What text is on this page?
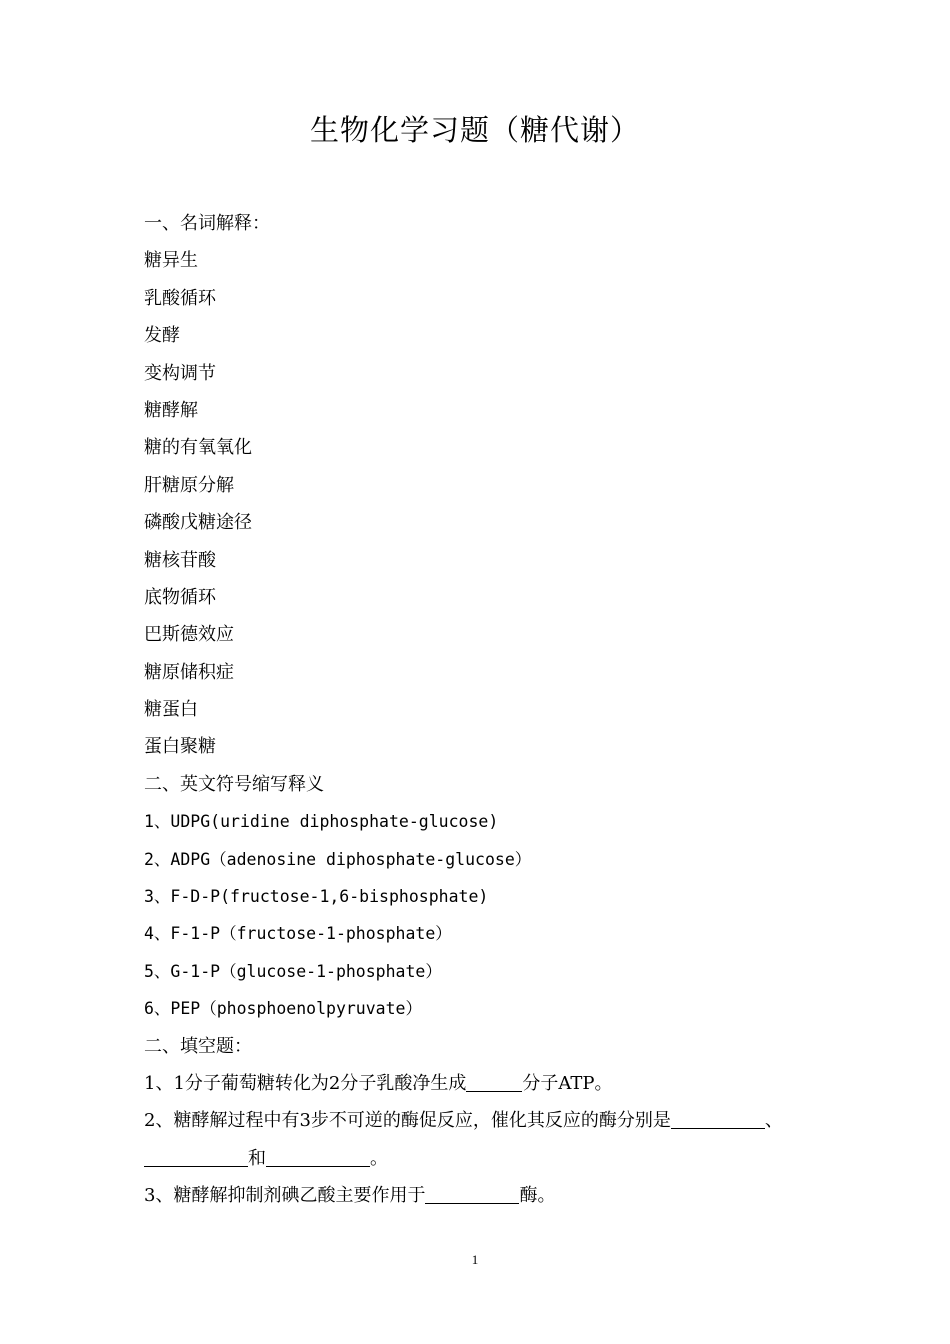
生物化学习题（糖代谢）
一、名词解释：
糖异生
乳酸循环
发酵
变构调节
糖酵解
糖的有氧氧化
肝糖原分解
磷酸戊糖途径
糖核苷酸
底物循环
巴斯德效应
糖原储积症
糖蛋白
蛋白聚糖
二、英文符号缩写释义
1、UDPG(uridine diphosphate-glucose)
2、ADPG（adenosine diphosphate-glucose）
3、F-D-P(fructose-1,6-bisphosphate)
4、F-1-P（fructose-1-phosphate）
5、G-1-P（glucose-1-phosphate）
6、PEP（phosphoenolpyruvate）
二、填空题：
1、1分子葡萄糖转化为2分子乳酸净生成	分子ATP。
2、糖酵解过程中有3步不可逆的酶促反应，催化其反应的酶分别是	、
和	。
3、糖酵解抑制剂碘乙酸主要作用于	酶。
1
